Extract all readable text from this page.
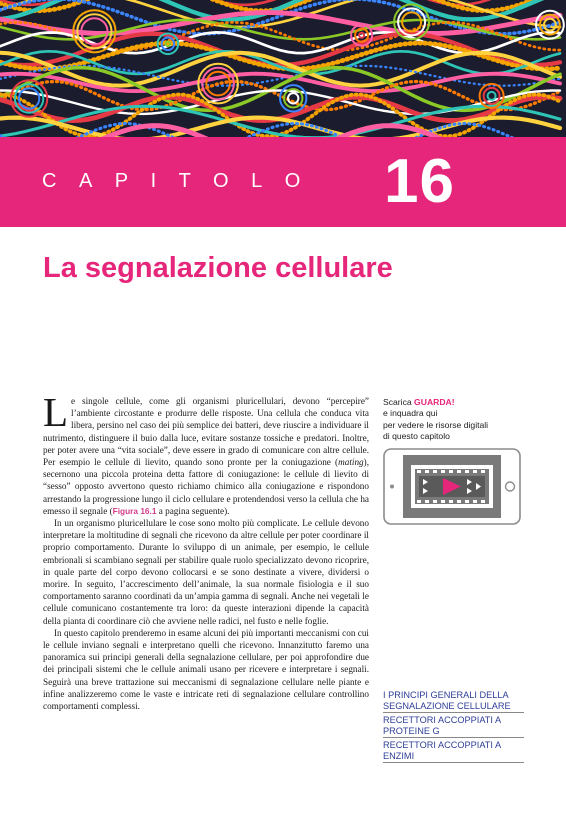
CAPITOLO 16
La segnalazione cellulare

Le singole cellule, come gli organismi pluricellulari, devono “percepire” l’ambiente circostante e produrre delle risposte. Una cellula che conduca vita libera, persino nel caso dei più semplice dei batteri, deve riuscire a individuare il nutrimento, distinguere il buio dalla luce, evitare sostanze tossiche e predatori. Inoltre, per poter avere una “vita sociale”, deve essere in grado di comunicare con altre cellule. Per esempio le cellule di lievito, quando sono pronte per la coniugazione (mating), secernono una piccola proteina detta fattore di coniugazione: le cellule di lievito di “sesso” opposto avvertono questo richiamo chimico alla coniugazione e rispondono arrestando la progressione lungo il ciclo cellulare e protendendosi verso la cellula che ha emesso il segnale (Figura 16.1 a pagina seguente).

In un organismo pluricellulare le cose sono molto più complicate. Le cellule devono interpretare la moltitudine di segnali che ricevono da altre cellule per poter coordinare il proprio comportamento. Durante lo sviluppo di un animale, per esempio, le cellule embrionali si scambiano segnali per stabilire quale ruolo specializzato devono ricoprire, in quale parte del corpo devono collocarsi e se sono destinate a vivere, dividersi o morire. In seguito, l’accrescimento dell’animale, la sua normale fisiologia e il suo comportamento saranno coordinati da un’ampia gamma di segnali. Anche nei vegetali le cellule comunicano costantemente tra loro: da queste interazioni dipende la capacità della pianta di coordinare ciò che avviene nelle radici, nel fusto e nelle foglie.

In questo capitolo prenderemo in esame alcuni dei più importanti meccanismi con cui le cellule inviano segnali e interpretano quelli che ricevono. Innanzitutto faremo una panoramica sui principi generali della segnalazione cellulare, per poi approfondire due dei principali sistemi che le cellule animali usano per ricevere e interpretare i segnali. Seguirà una breve trattazione sui meccanismi di segnalazione cellulare nelle piante e infine analizzeremo come le vaste e intricate reti di segnalazione cellulare controllino comportamenti complessi.

Scarica GUARDA!
e inquadra qui
per vedere le risorse digitali
di questo capitolo
I PRINCIPI GENERALI DELLA SEGNALAZIONE CELLULARE
RECETTORI ACCOPPIATI A PROTEINE G
RECETTORI ACCOPPIATI A ENZIMI
